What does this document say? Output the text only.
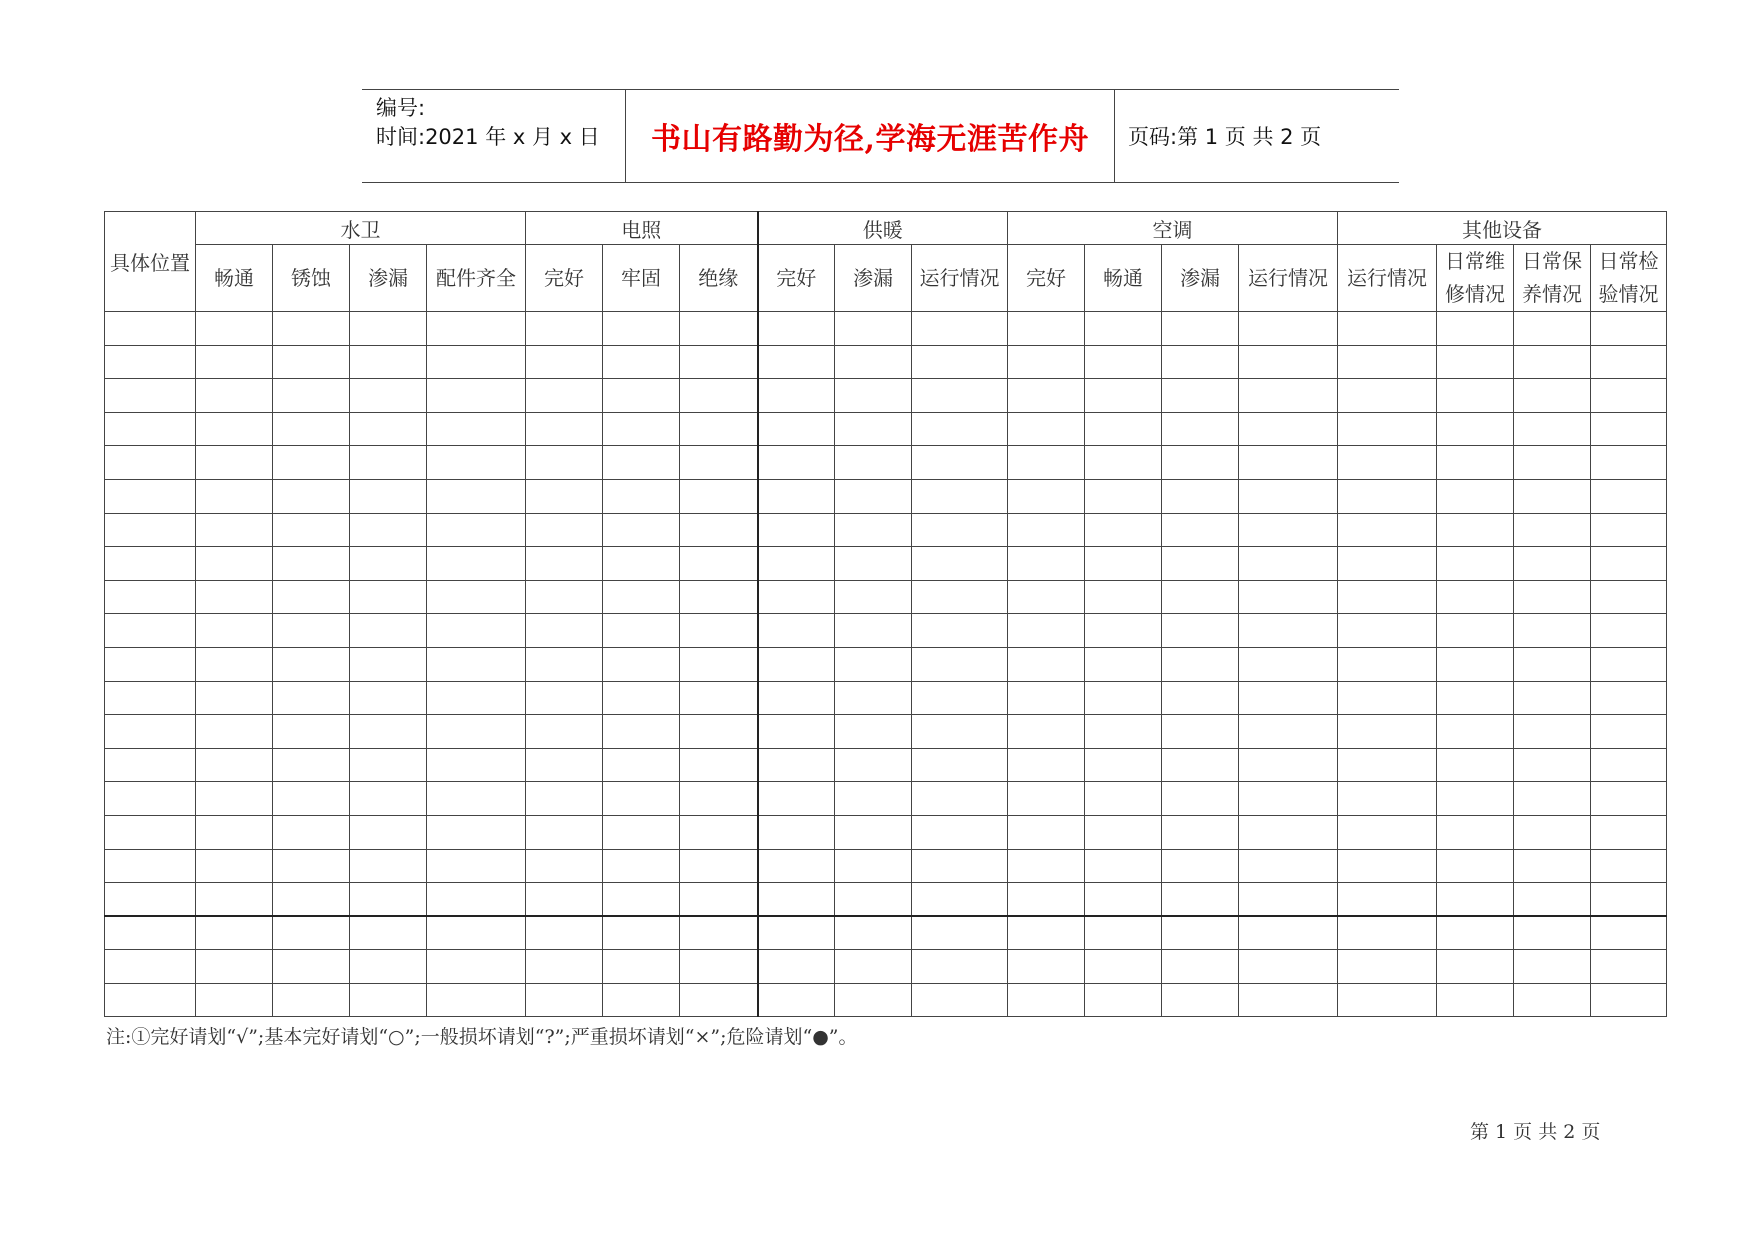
编号:
时间:2021 年 x 月 x 日	书山有路勤为径,学海无涯苦作舟 页码:第 1 页 共 2 页
具体位置	水卫				电照			供暖			空调				其他设备			
	畅通	锈蚀	渗漏	配件齐全	完好	牢固	绝缘	完好	渗漏	运行情况	完好	畅通	渗漏	运行情况	运行情况	日常维修情况	日常保养情况	日常检验情况

注:①完好请划“√”;基本完好请划“○”;一般损坏请划“?”;严重损坏请划“×”;危险请划“●”。
第 1 页 共 2 页
